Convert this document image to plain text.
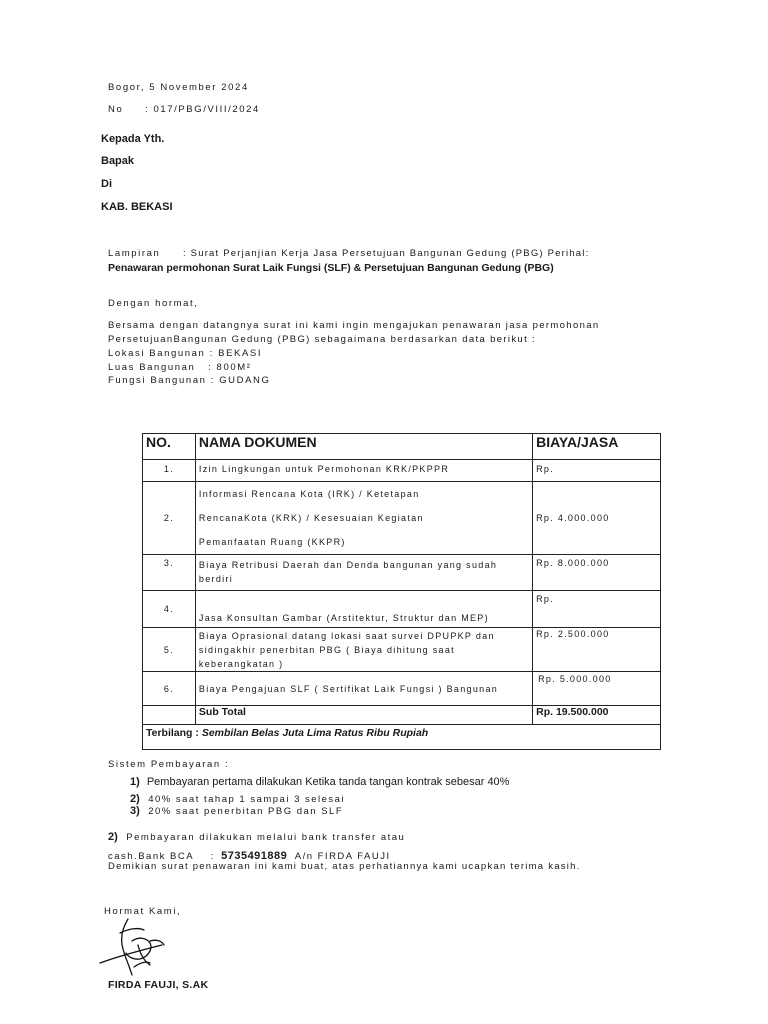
Bogor, 5 November 2024
No : 017/PBG/VIII/2024
Kepada Yth.
Bapak
Di
KAB. BEKASI
Lampiran : Surat Perjanjian Kerja Jasa Persetujuan Bangunan Gedung (PBG) Perihal:
Penawaran permohonan Surat Laik Fungsi (SLF) & Persetujuan Bangunan Gedung (PBG)
Dengan hormat,
Bersama dengan datangnya surat ini kami ingin mengajukan penawaran jasa permohonan
PersetujuanBangunan Gedung (PBG) sebagaimana berdasarkan data berikut :
Lokasi Bangunan : BEKASI
Luas Bangunan   : 800M²
Fungsi Bangunan : GUDANG
NO.	NAMA DOKUMEN	BIAYA/JASA
1.	Izin Lingkungan untuk Permohonan KRK/PKPPR	Rp.
2.	Informasi Rencana Kota (IRK) / Ketetapan
RencanaKota (KRK) / Kesesuaian Kegiatan
Pemanfaatan Ruang (KKPR)	Rp. 4.000.000
3.	Biaya Retribusi Daerah dan Denda bangunan yang sudah
berdiri	Rp. 8.000.000
4.	Jasa Konsultan Gambar (Arstitektur, Struktur dan MEP)	Rp.
5.	Biaya Oprasional datang lokasi saat survei DPUPKP dan
sidingakhir penerbitan PBG ( Biaya dihitung saat
keberangkatan )	Rp. 2.500.000
6.	Biaya Pengajuan SLF ( Sertifikat Laik Fungsi ) Bangunan	Rp. 5.000.000
	Sub Total	Rp. 19.500.000
Terbilang : Sembilan Belas Juta Lima Ratus Ribu Rupiah		
Sistem Pembayaran :
1) Pembayaran pertama dilakukan Ketika tanda tangan kontrak sebesar 40%
2) 40% saat tahap 1 sampai 3 selesai
3) 20% saat penerbitan PBG dan SLF
2) Pembayaran dilakukan melalui bank transfer atau
cash.Bank BCA : 5735491889 A/n FIRDA FAUJI
Demikian surat penawaran ini kami buat, atas perhatiannya kami ucapkan terima kasih.
Hormat Kami,
FIRDA FAUJI, S.AK
